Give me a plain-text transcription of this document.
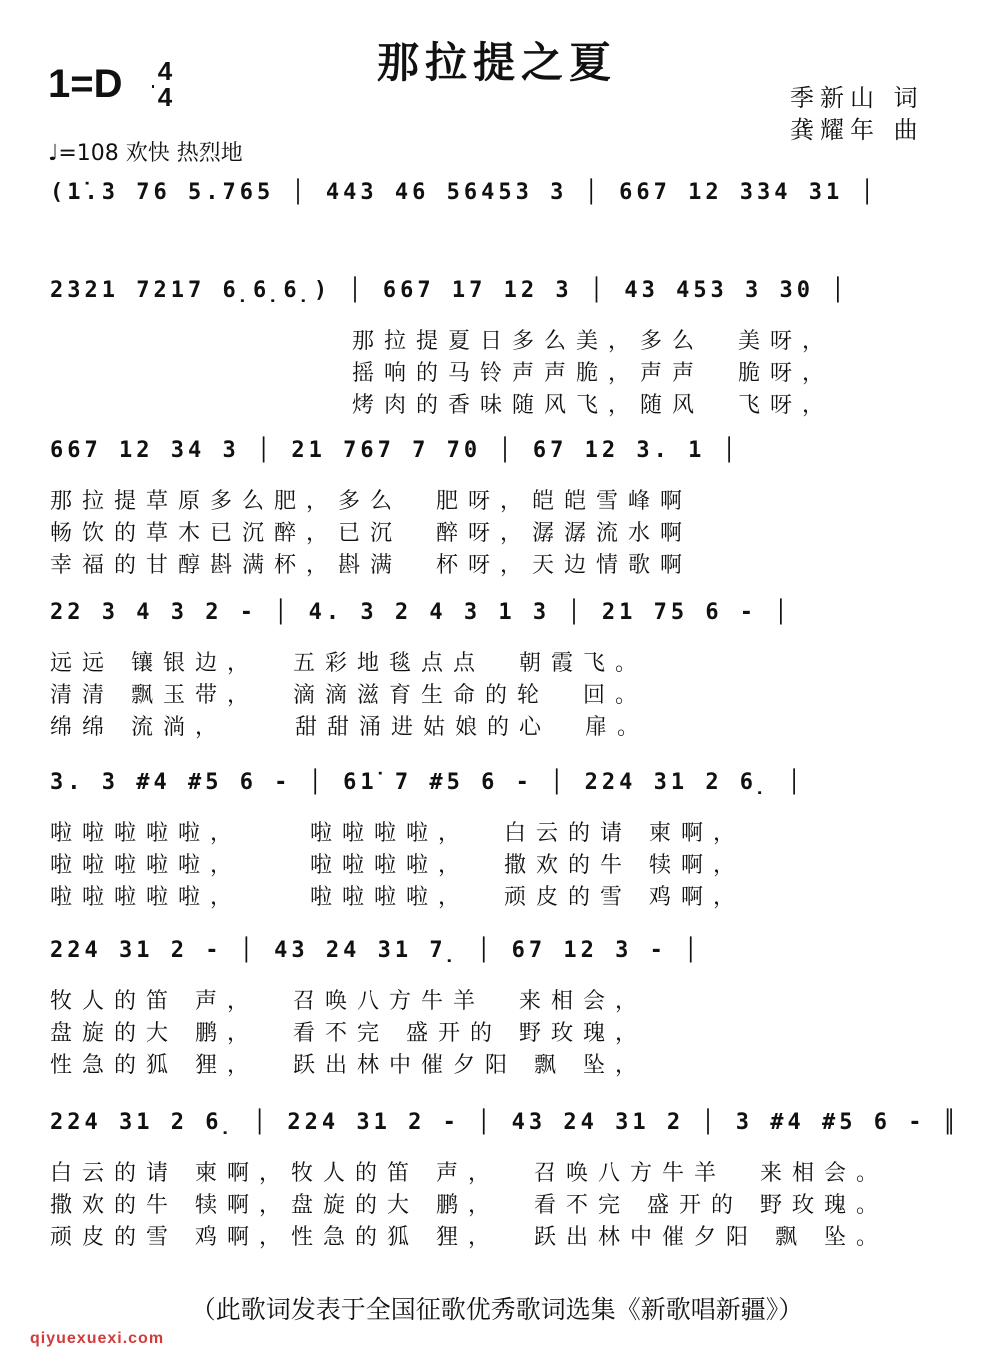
那拉提之夏
1=D 4
4	季新山 词
龚耀年 曲
♩=108 欢快 热烈地
(1̇.3 76 5.765 │ 443 46 56453 3 │ 667 12 334 31 │
2321 7217 6̣6̣6̣) │ 667 17 12 3 │ 43 453 3 30 │
那拉提夏日多么美，多么  美呀，
摇响的马铃声声脆，声声  脆呀，
烤肉的香味随风飞，随风  飞呀，
667 12 34 3 │ 21 767 7 70 │ 67 12 3. 1 │
那拉提草原多么肥，多么  肥呀，皑皑雪峰啊
畅饮的草木已沉醉，已沉  醉呀，潺潺流水啊
幸福的甘醇斟满杯，斟满  杯呀，天边情歌啊
22 3 4 3 2 - │ 4. 3 2 4 3 1 3 │ 21 75 6 - │
远远 镶银边，  五彩地毯点点  朝霞飞。
清清 飘玉带，  滴滴滋育生命的轮  回。
绵绵 流淌，    甜甜涌进姑娘的心  扉。
3. 3 #4 #5 6 - │ 61̇ 7 #5 6 - │ 224 31 2 6̣ │
啦啦啦啦啦，    啦啦啦啦，  白云的请 柬啊，
啦啦啦啦啦，    啦啦啦啦，  撒欢的牛 犊啊，
啦啦啦啦啦，    啦啦啦啦，  顽皮的雪 鸡啊，
224 31 2 - │ 43 24 31 7̣ │ 67 12 3 - │
牧人的笛 声，  召唤八方牛羊  来相会，
盘旋的大 鹏，  看不完 盛开的 野玫瑰，
性急的狐 狸，  跃出林中催夕阳 飘 坠，
224 31 2 6̣ │ 224 31 2 - │ 43 24 31 2 │ 3 #4 #5 6 - ║
白云的请 柬啊，牧人的笛 声，  召唤八方牛羊  来相会。
撒欢的牛 犊啊，盘旋的大 鹏，  看不完 盛开的 野玫瑰。
顽皮的雪 鸡啊，性急的狐 狸，  跃出林中催夕阳 飘 坠。
（此歌词发表于全国征歌优秀歌词选集《新歌唱新疆》）
qiyuexuexi.com
